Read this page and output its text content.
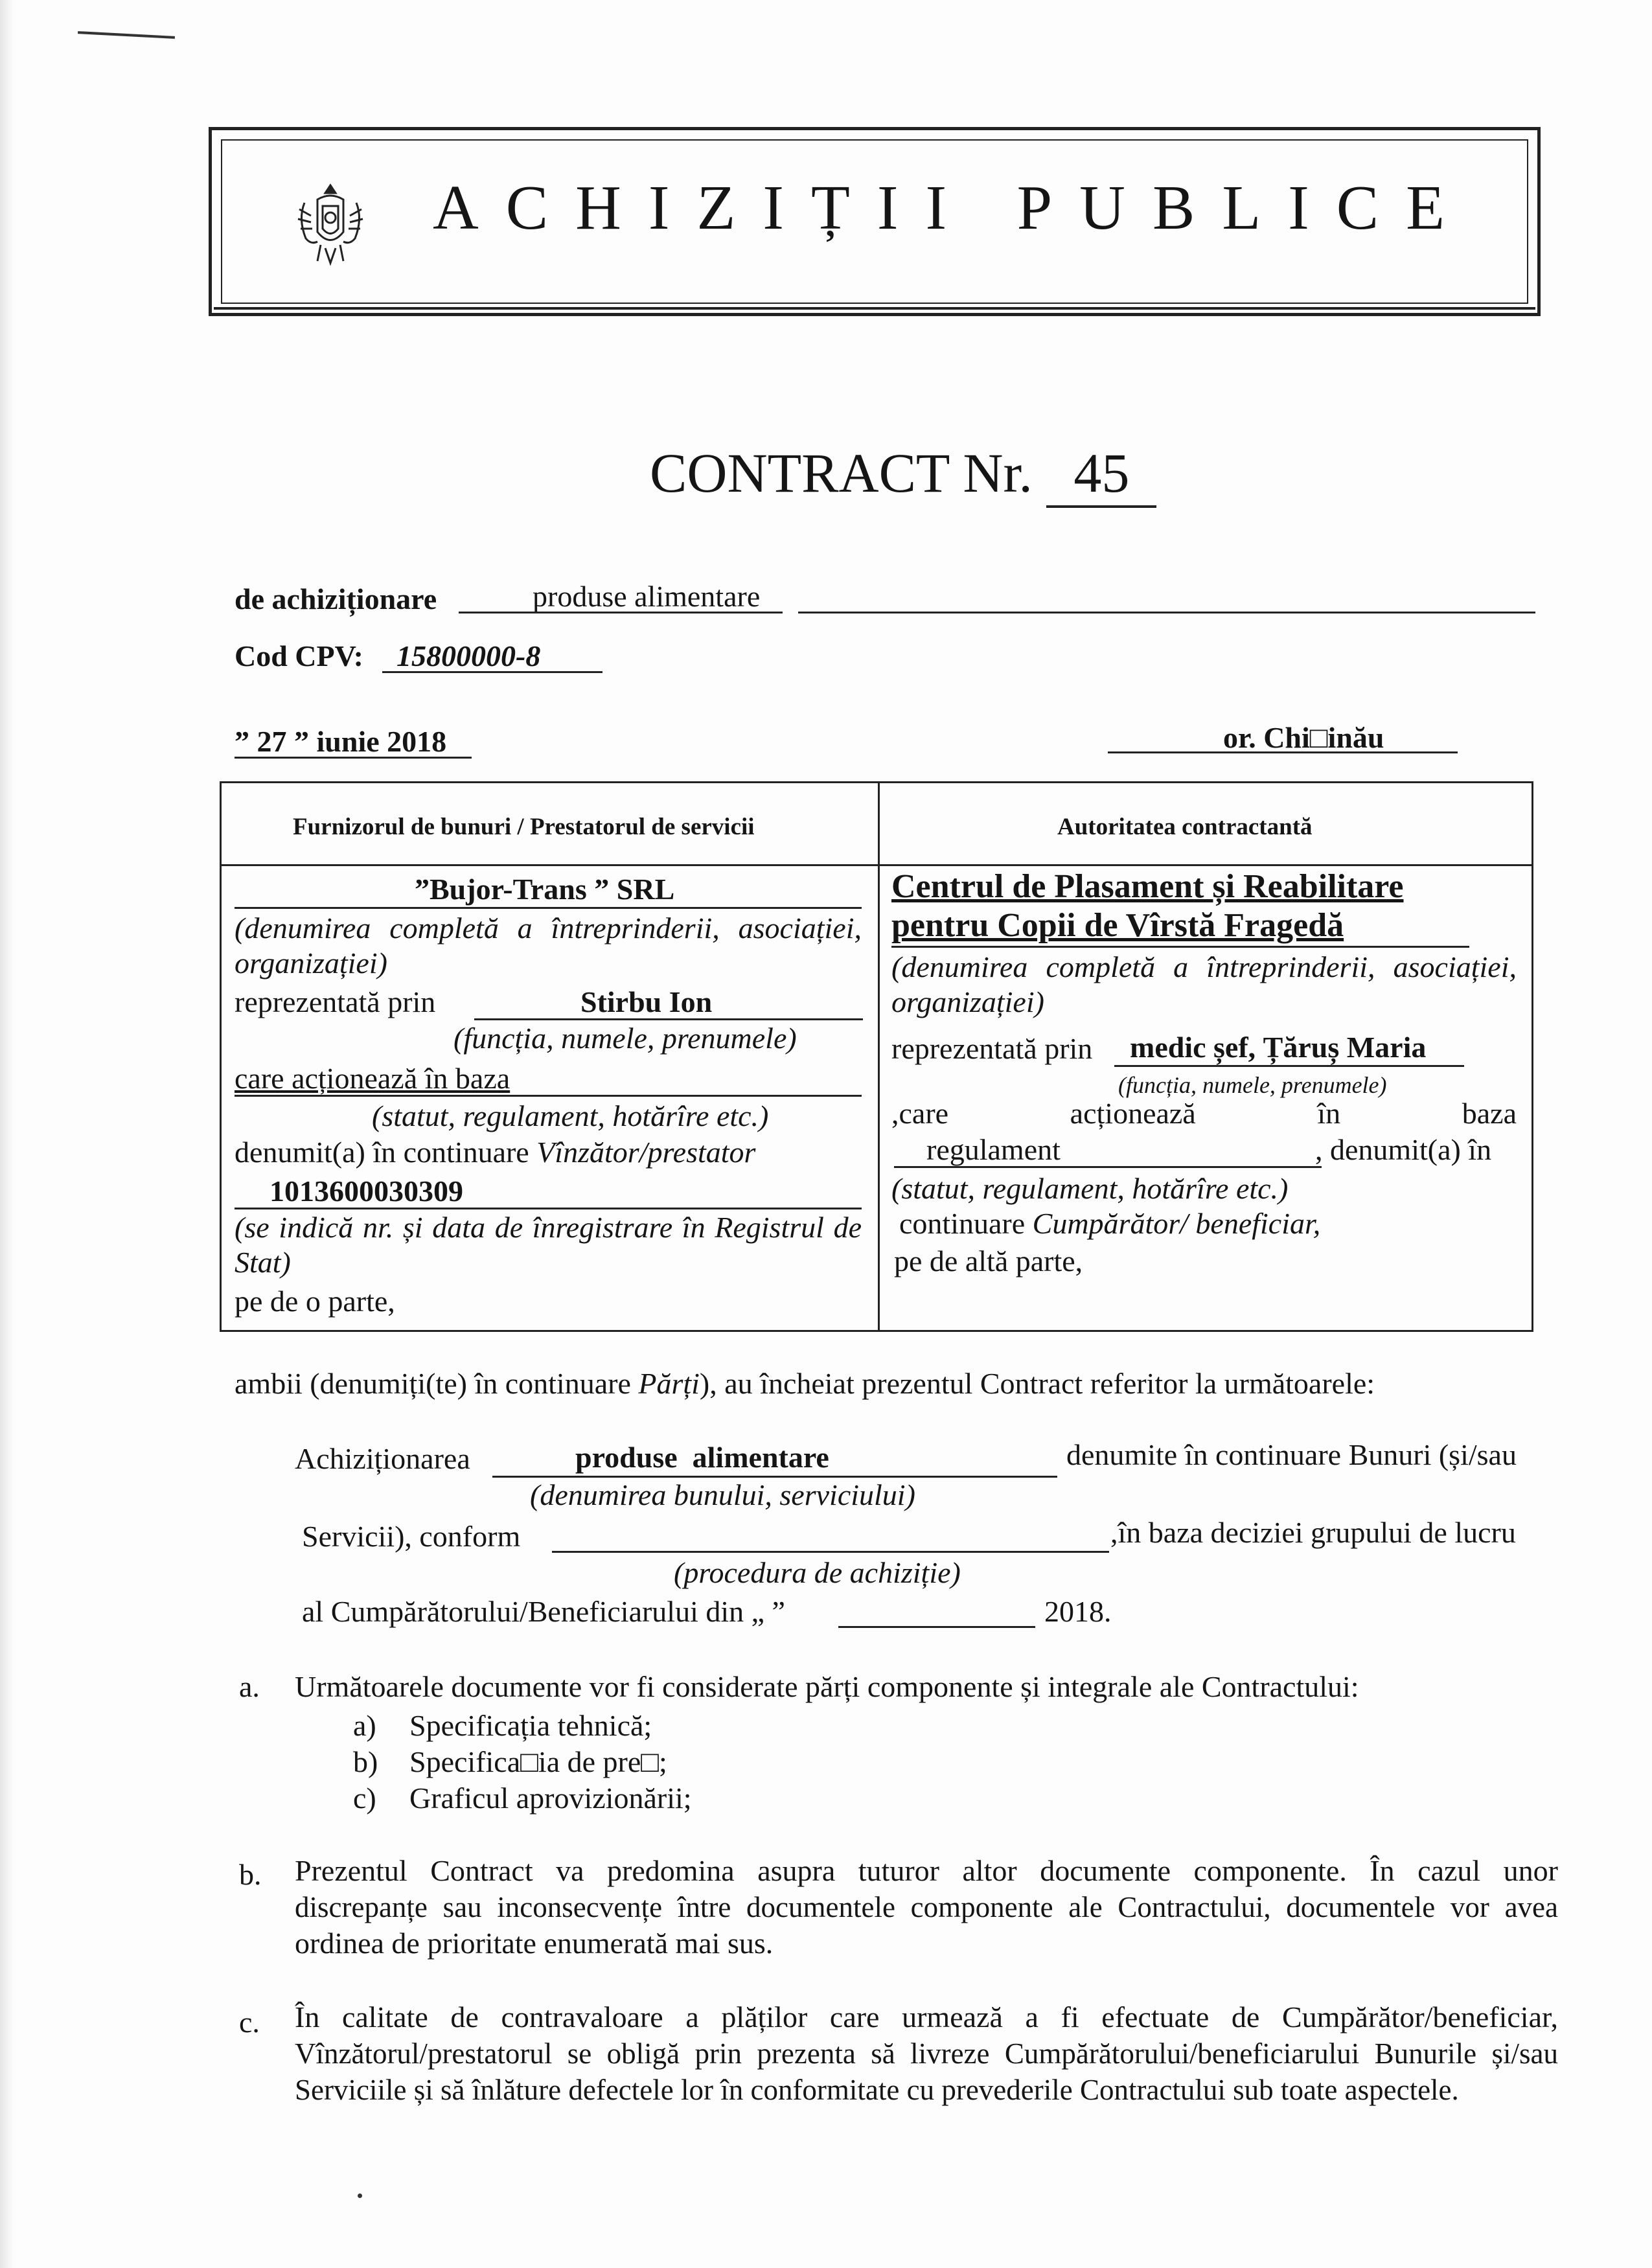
ACHIZIȚII PUBLICE
CONTRACT Nr. 45
de achiziționare	produse alimentare
Cod CPV: 15800000-8
” 27 ” iunie 2018	or. Chi□inău
Furnizorul de bunuri / Prestatorul de servicii	Autoritatea contractantă
”Bujor-Trans ” SRL
(denumirea completă a întreprinderii, asociației, organizației)
reprezentată prin	Stirbu Ion
(funcția, numele, prenumele)
care acționează în baza
(statut, regulament, hotărîre etc.)
denumit(a) în continuare Vînzător/prestator
1013600030309
(se indică nr. și data de înregistrare în Registrul de Stat)
pe de o parte,
Centrul de Plasament și Reabilitare
pentru Copii de Vîrstă Fragedă
(denumirea completă a întreprinderii, asociației, organizației)
reprezentată prin medic șef, Țăruș Maria
(funcția, numele, prenumele)
,care acționează în baza
regulament	, denumit(a) în
(statut, regulament, hotărîre etc.)
continuare Cumpărător/ beneficiar,
pe de altă parte,
ambii (denumiți(te) în continuare Părți), au încheiat prezentul Contract referitor la următoarele:
Achiziționarea	produse  alimentare	denumite în continuare Bunuri (și/sau
(denumirea bunului, serviciului)
Servicii), conform	,în baza deciziei grupului de lucru
(procedura de achiziție)
al Cumpărătorului/Beneficiarului din „ ”	2018.
a. Următoarele documente vor fi considerate părți componente și integrale ale Contractului:
a) Specificația tehnică;
b) Specifica□ia de pre□;
c) Graficul aprovizionării;
b. Prezentul Contract va predomina asupra tuturor altor documente componente. În cazul unor
discrepanțe sau inconsecvențe între documentele componente ale Contractului, documentele vor avea
ordinea de prioritate enumerată mai sus.
c. În calitate de contravaloare a plăților care urmează a fi efectuate de Cumpărător/beneficiar,
Vînzătorul/prestatorul se obligă prin prezenta să livreze Cumpărătorului/beneficiarului Bunurile și/sau
Serviciile și să înlăture defectele lor în conformitate cu prevederile Contractului sub toate aspectele.
